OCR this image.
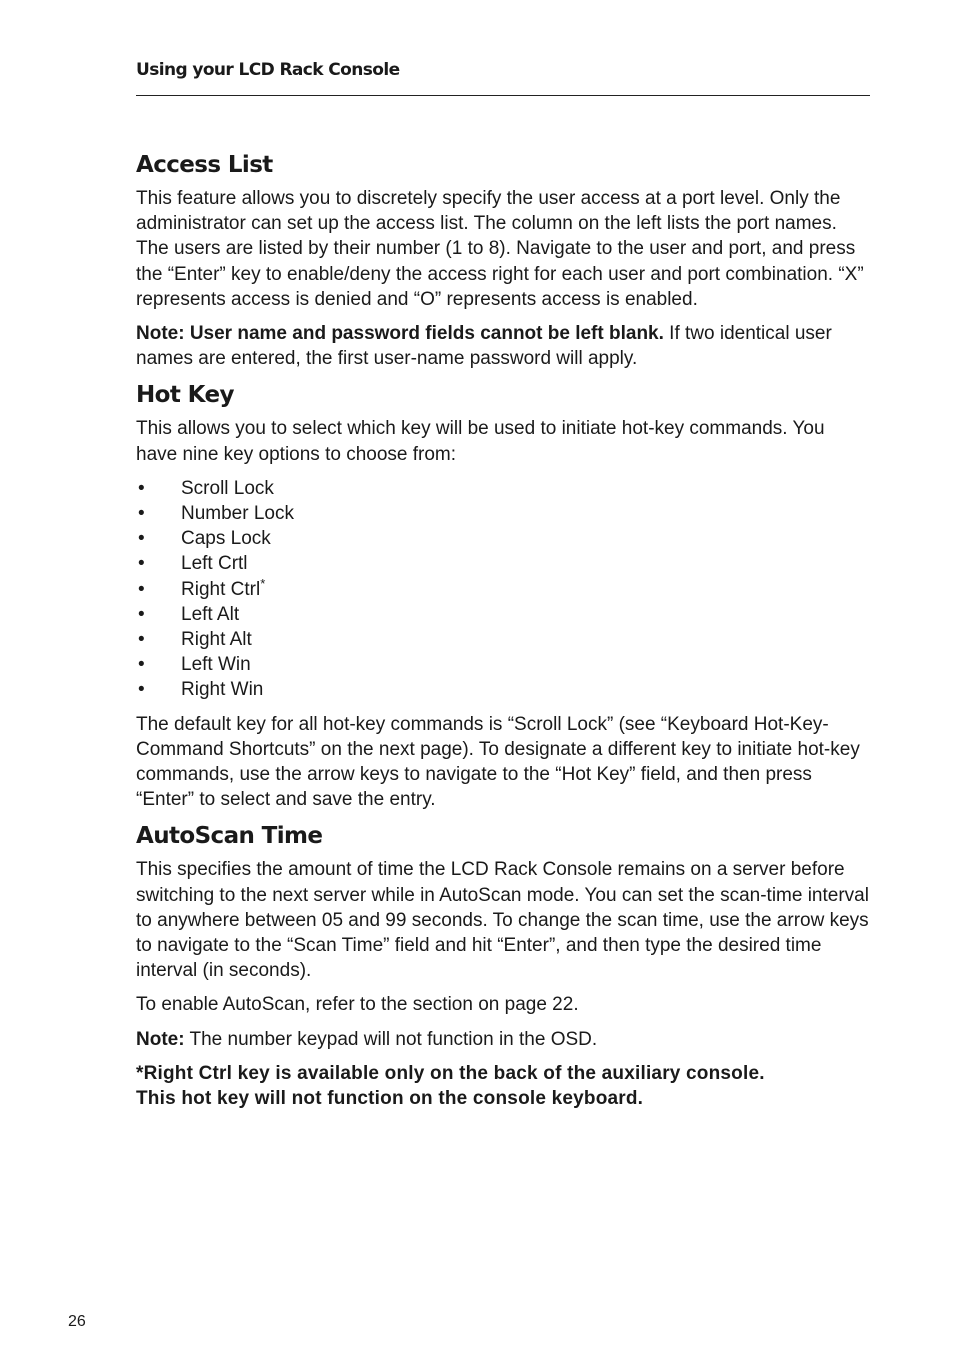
Using your LCD Rack Console
Access List

This feature allows you to discretely specify the user access at a port level. Only the administrator can set up the access list. The column on the left lists the port names. The users are listed by their number (1 to 8). Navigate to the user and port, and press the “Enter” key to enable/deny the access right for each user and port combination. “X” represents access is denied and “O” represents access is enabled.

Note: User name and password fields cannot be left blank. If two identical user names are entered, the first user-name password will apply.

Hot Key

This allows you to select which key will be used to initiate hot-key commands. You have nine key options to choose from:

• Scroll Lock
• Number Lock
• Caps Lock
• Left Crtl
• Right Ctrl*
• Left Alt
• Right Alt
• Left Win
• Right Win

The default key for all hot-key commands is “Scroll Lock” (see “Keyboard Hot-Key-Command Shortcuts” on the next page). To designate a different key to initiate hot-key commands, use the arrow keys to navigate to the “Hot Key” field, and then press “Enter” to select and save the entry.

AutoScan Time

This specifies the amount of time the LCD Rack Console remains on a server before switching to the next server while in AutoScan mode. You can set the scan-time interval to anywhere between 05 and 99 seconds. To change the scan time, use the arrow keys to navigate to the “Scan Time” field and hit “Enter”, and then type the desired time interval (in seconds).

To enable AutoScan, refer to the section on page 22.

Note: The number keypad will not function in the OSD.

*Right Ctrl key is available only on the back of the auxiliary console.
This hot key will not function on the console keyboard.

26
